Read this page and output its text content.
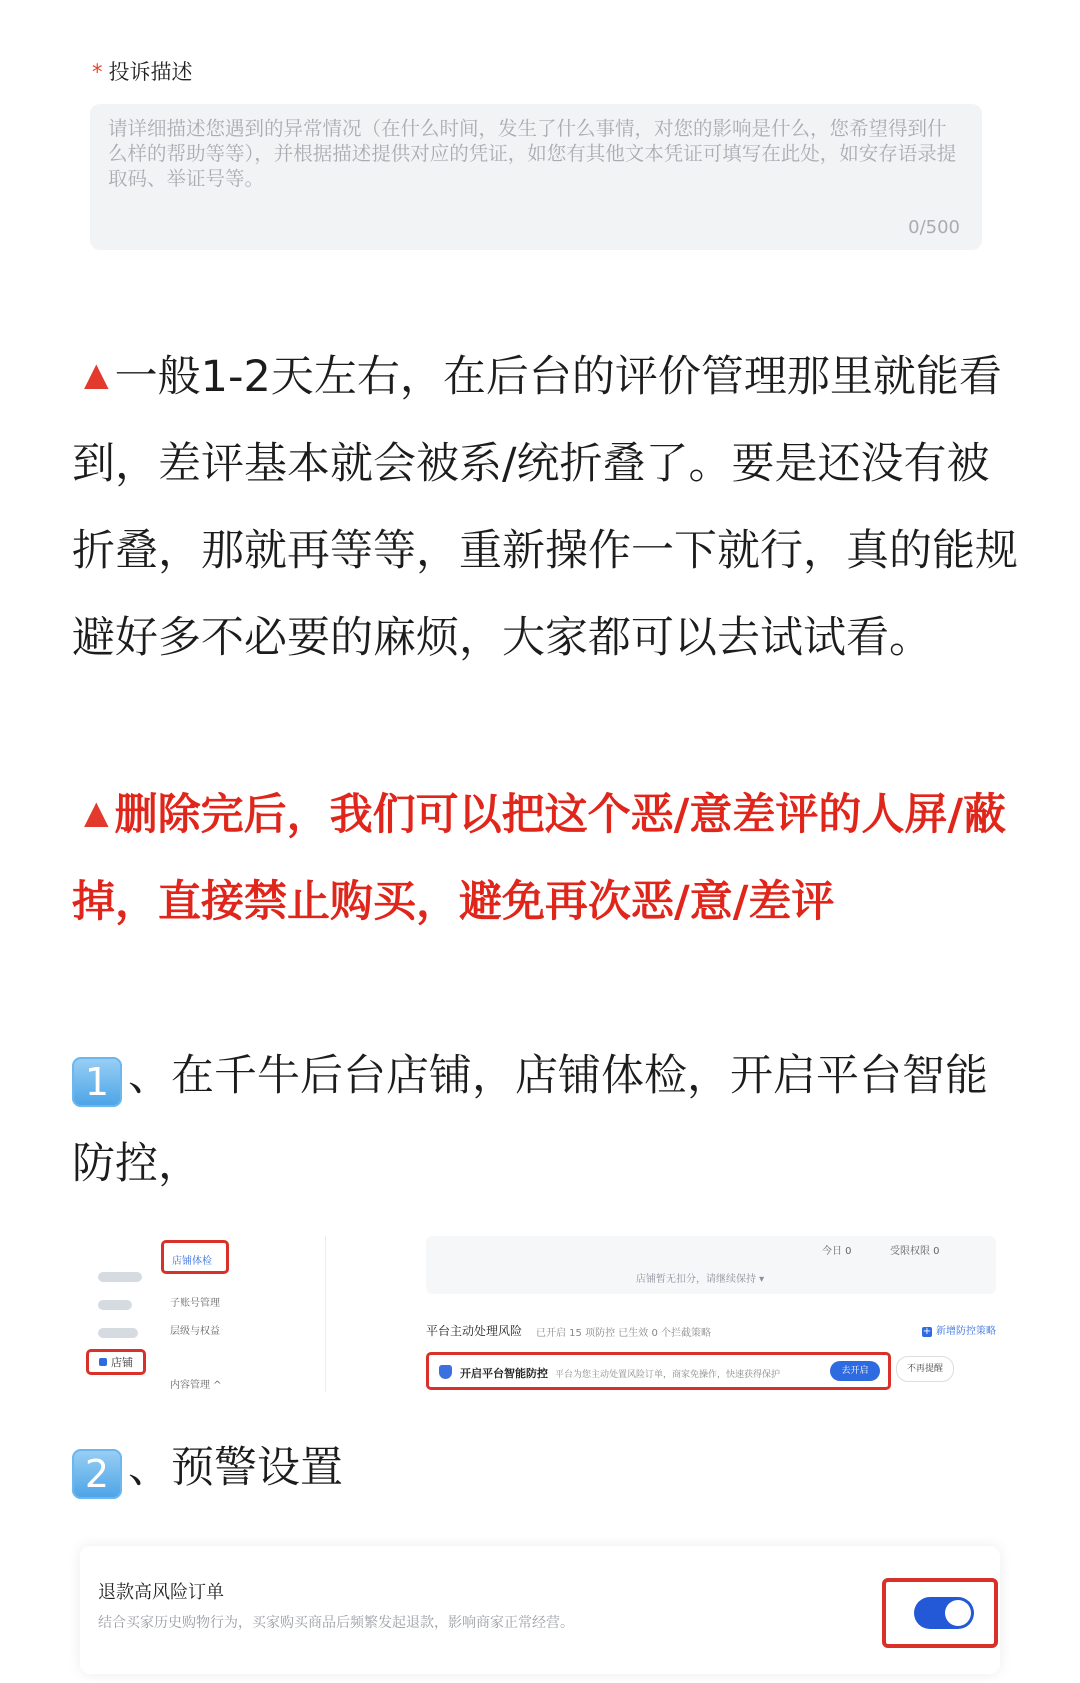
* 投诉描述
请详细描述您遇到的异常情况（在什么时间，发生了什么事情，对您的影响是什么，您希望得到什么样的帮助等等），并根据描述提供对应的凭证，如您有其他文本凭证可填写在此处，如安存语录提取码、举证号等。
0/500
▲ 一般1-2天左右，在后台的评价管理那里就能看到，差评基本就会被系/统折叠了。要是还没有被折叠，那就再等等，重新操作一下就行，真的能规避好多不必要的麻烦，大家都可以去试试看。
▲ 删除完后，我们可以把这个恶/意差评的人屏/蔽掉，直接禁止购买，避免再次恶/意/差评
1 、在千牛后台店铺，店铺体检，开启平台智能防控，
店铺
店铺体检
子账号管理
层级与权益
内容管理 ^
今日 0	受限权限 0
店铺暂无扣分，请继续保持 ▾
平台主动处理风险 已开启 15 项防控 已生效 0 个拦截策略	+ 新增防控策略
开启平台智能防控 平台为您主动处置风险订单，商家免操作，快速获得保护	去开启	不再提醒
2 、预警设置
退款高风险订单
结合买家历史购物行为，买家购买商品后频繁发起退款，影响商家正常经营。
